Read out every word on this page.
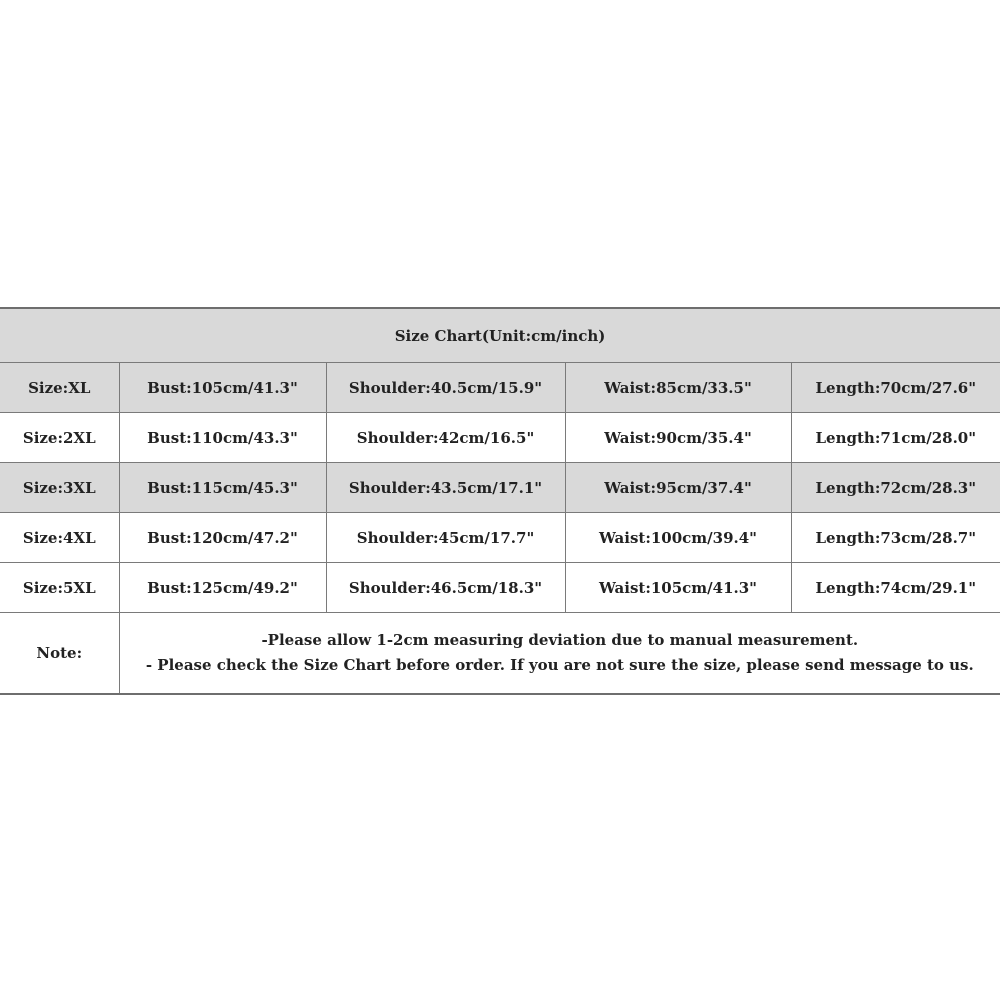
Size Chart(Unit:cm/inch)				
Size:XL	Bust:105cm/41.3"	Shoulder:40.5cm/15.9"	Waist:85cm/33.5"	Length:70cm/27.6"
Size:2XL	Bust:110cm/43.3"	Shoulder:42cm/16.5"	Waist:90cm/35.4"	Length:71cm/28.0"
Size:3XL	Bust:115cm/45.3"	Shoulder:43.5cm/17.1"	Waist:95cm/37.4"	Length:72cm/28.3"
Size:4XL	Bust:120cm/47.2"	Shoulder:45cm/17.7"	Waist:100cm/39.4"	Length:73cm/28.7"
Size:5XL	Bust:125cm/49.2"	Shoulder:46.5cm/18.3"	Waist:105cm/41.3"	Length:74cm/29.1"
Note:	-Please allow 1-2cm measuring deviation due to manual measurement.
- Please check the Size Chart before order. If you are not sure the size, please send message to us.			
